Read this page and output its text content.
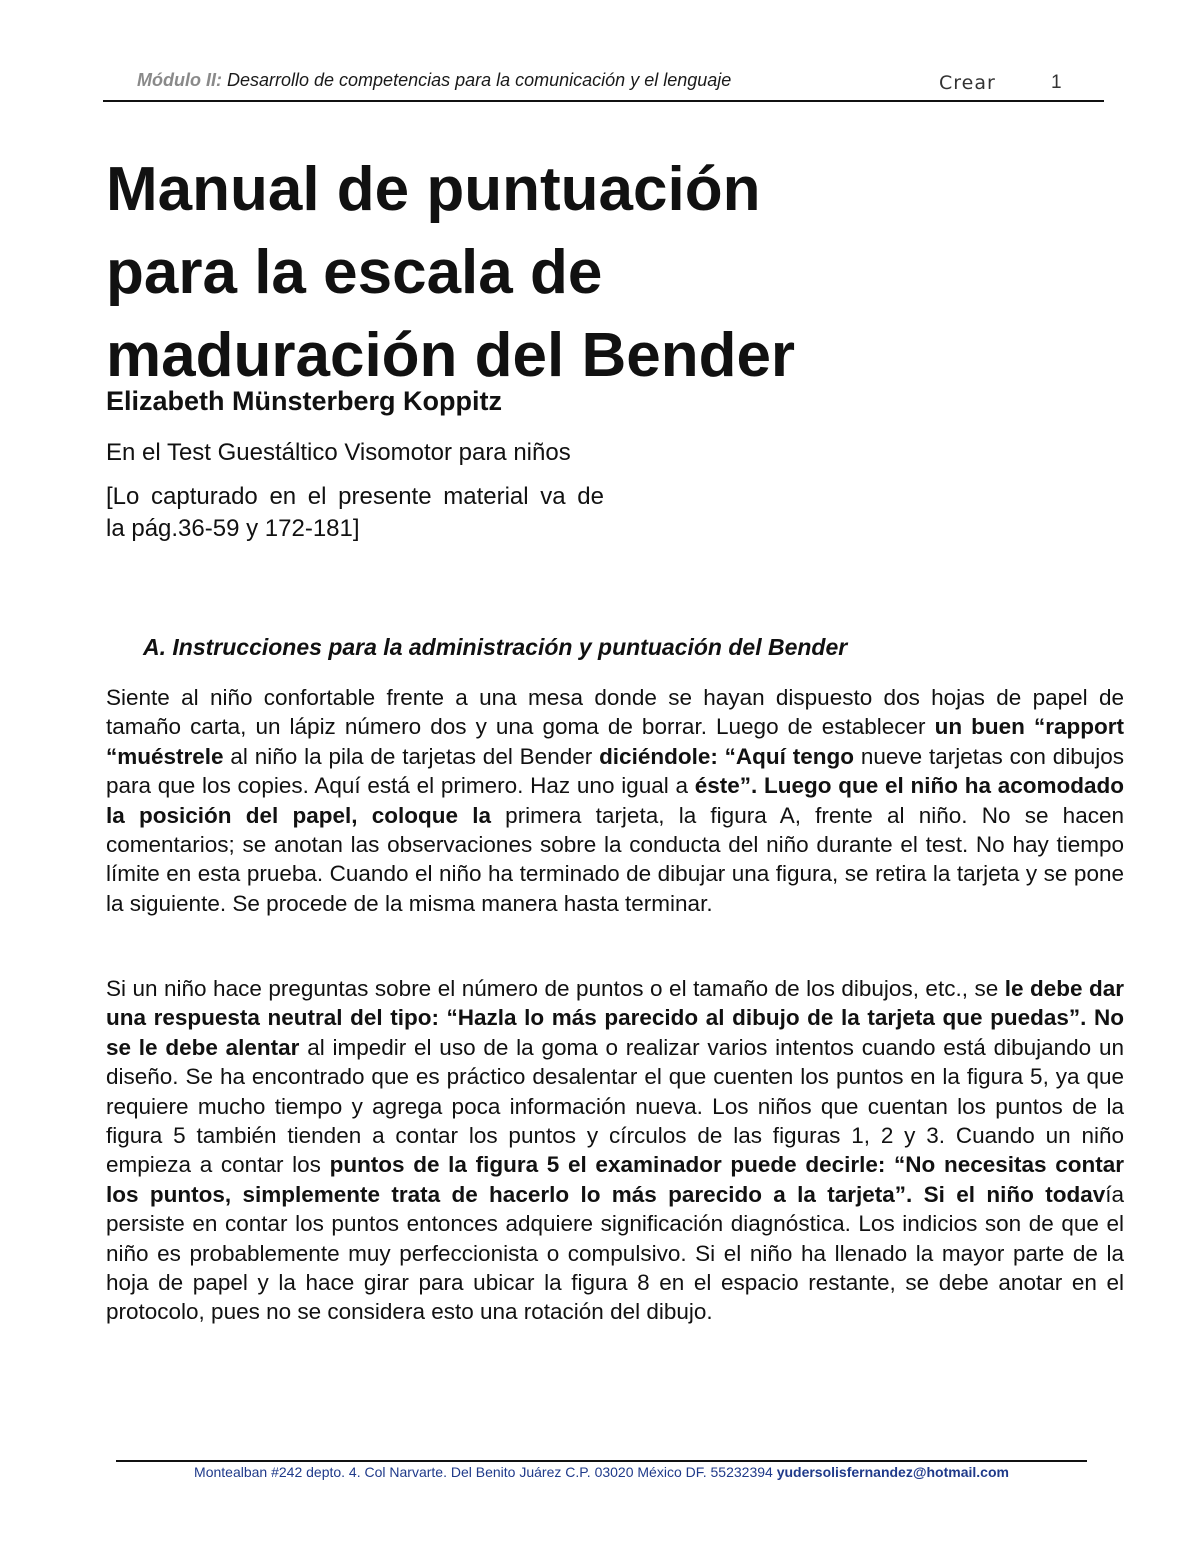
Módulo II: Desarrollo de competencias para la comunicación y el lenguaje	Crear	1
Manual de puntuación
para la escala de
maduración del Bender

Elizabeth Münsterberg Koppitz

En el Test Guestáltico Visomotor para niños

[Lo capturado en el presente material va de
la pág.36-59 y 172-181]

A. Instrucciones para la administración y puntuación del Bender

Siente al niño confortable frente a una mesa donde se hayan dispuesto dos hojas de papel de tamaño carta, un lápiz número dos y una goma de borrar. Luego de establecer un buen “rapport “muéstrele al niño la pila de tarjetas del Bender diciéndole: “Aquí tengo nueve tarjetas con dibujos para que los copies. Aquí está el primero. Haz uno igual a éste”. Luego que el niño ha acomodado la posición del papel, coloque la primera tarjeta, la figura A, frente al niño. No se hacen comentarios; se anotan las observaciones sobre la conducta del niño durante el test. No hay tiempo límite en esta prueba. Cuando el niño ha terminado de dibujar una figura, se retira la tarjeta y se pone la siguiente. Se procede de la misma manera hasta terminar.

Si un niño hace preguntas sobre el número de puntos o el tamaño de los dibujos, etc., se le debe dar una respuesta neutral del tipo: “Hazla lo más parecido al dibujo de la tarjeta que puedas”. No se le debe alentar al impedir el uso de la goma o realizar varios intentos cuando está dibujando un diseño. Se ha encontrado que es práctico desalentar el que cuenten los puntos en la figura 5, ya que requiere mucho tiempo y agrega poca información nueva. Los niños que cuentan los puntos de la figura 5 también tienden a contar los puntos y círculos de las figuras 1, 2 y 3. Cuando un niño empieza a contar los puntos de la figura 5 el examinador puede decirle: “No necesitas contar los puntos, simplemente trata de hacerlo lo más parecido a la tarjeta”. Si el niño todavía persiste en contar los puntos entonces adquiere significación diagnóstica. Los indicios son de que el niño es probablemente muy perfeccionista o compulsivo. Si el niño ha llenado la mayor parte de la hoja de papel y la hace girar para ubicar la figura 8 en el espacio restante, se debe anotar en el protocolo, pues no se considera esto una rotación del dibujo.

Montealban #242 depto. 4. Col Narvarte. Del Benito Juárez C.P. 03020 México DF. 55232394 yudersolisfernandez@hotmail.com
